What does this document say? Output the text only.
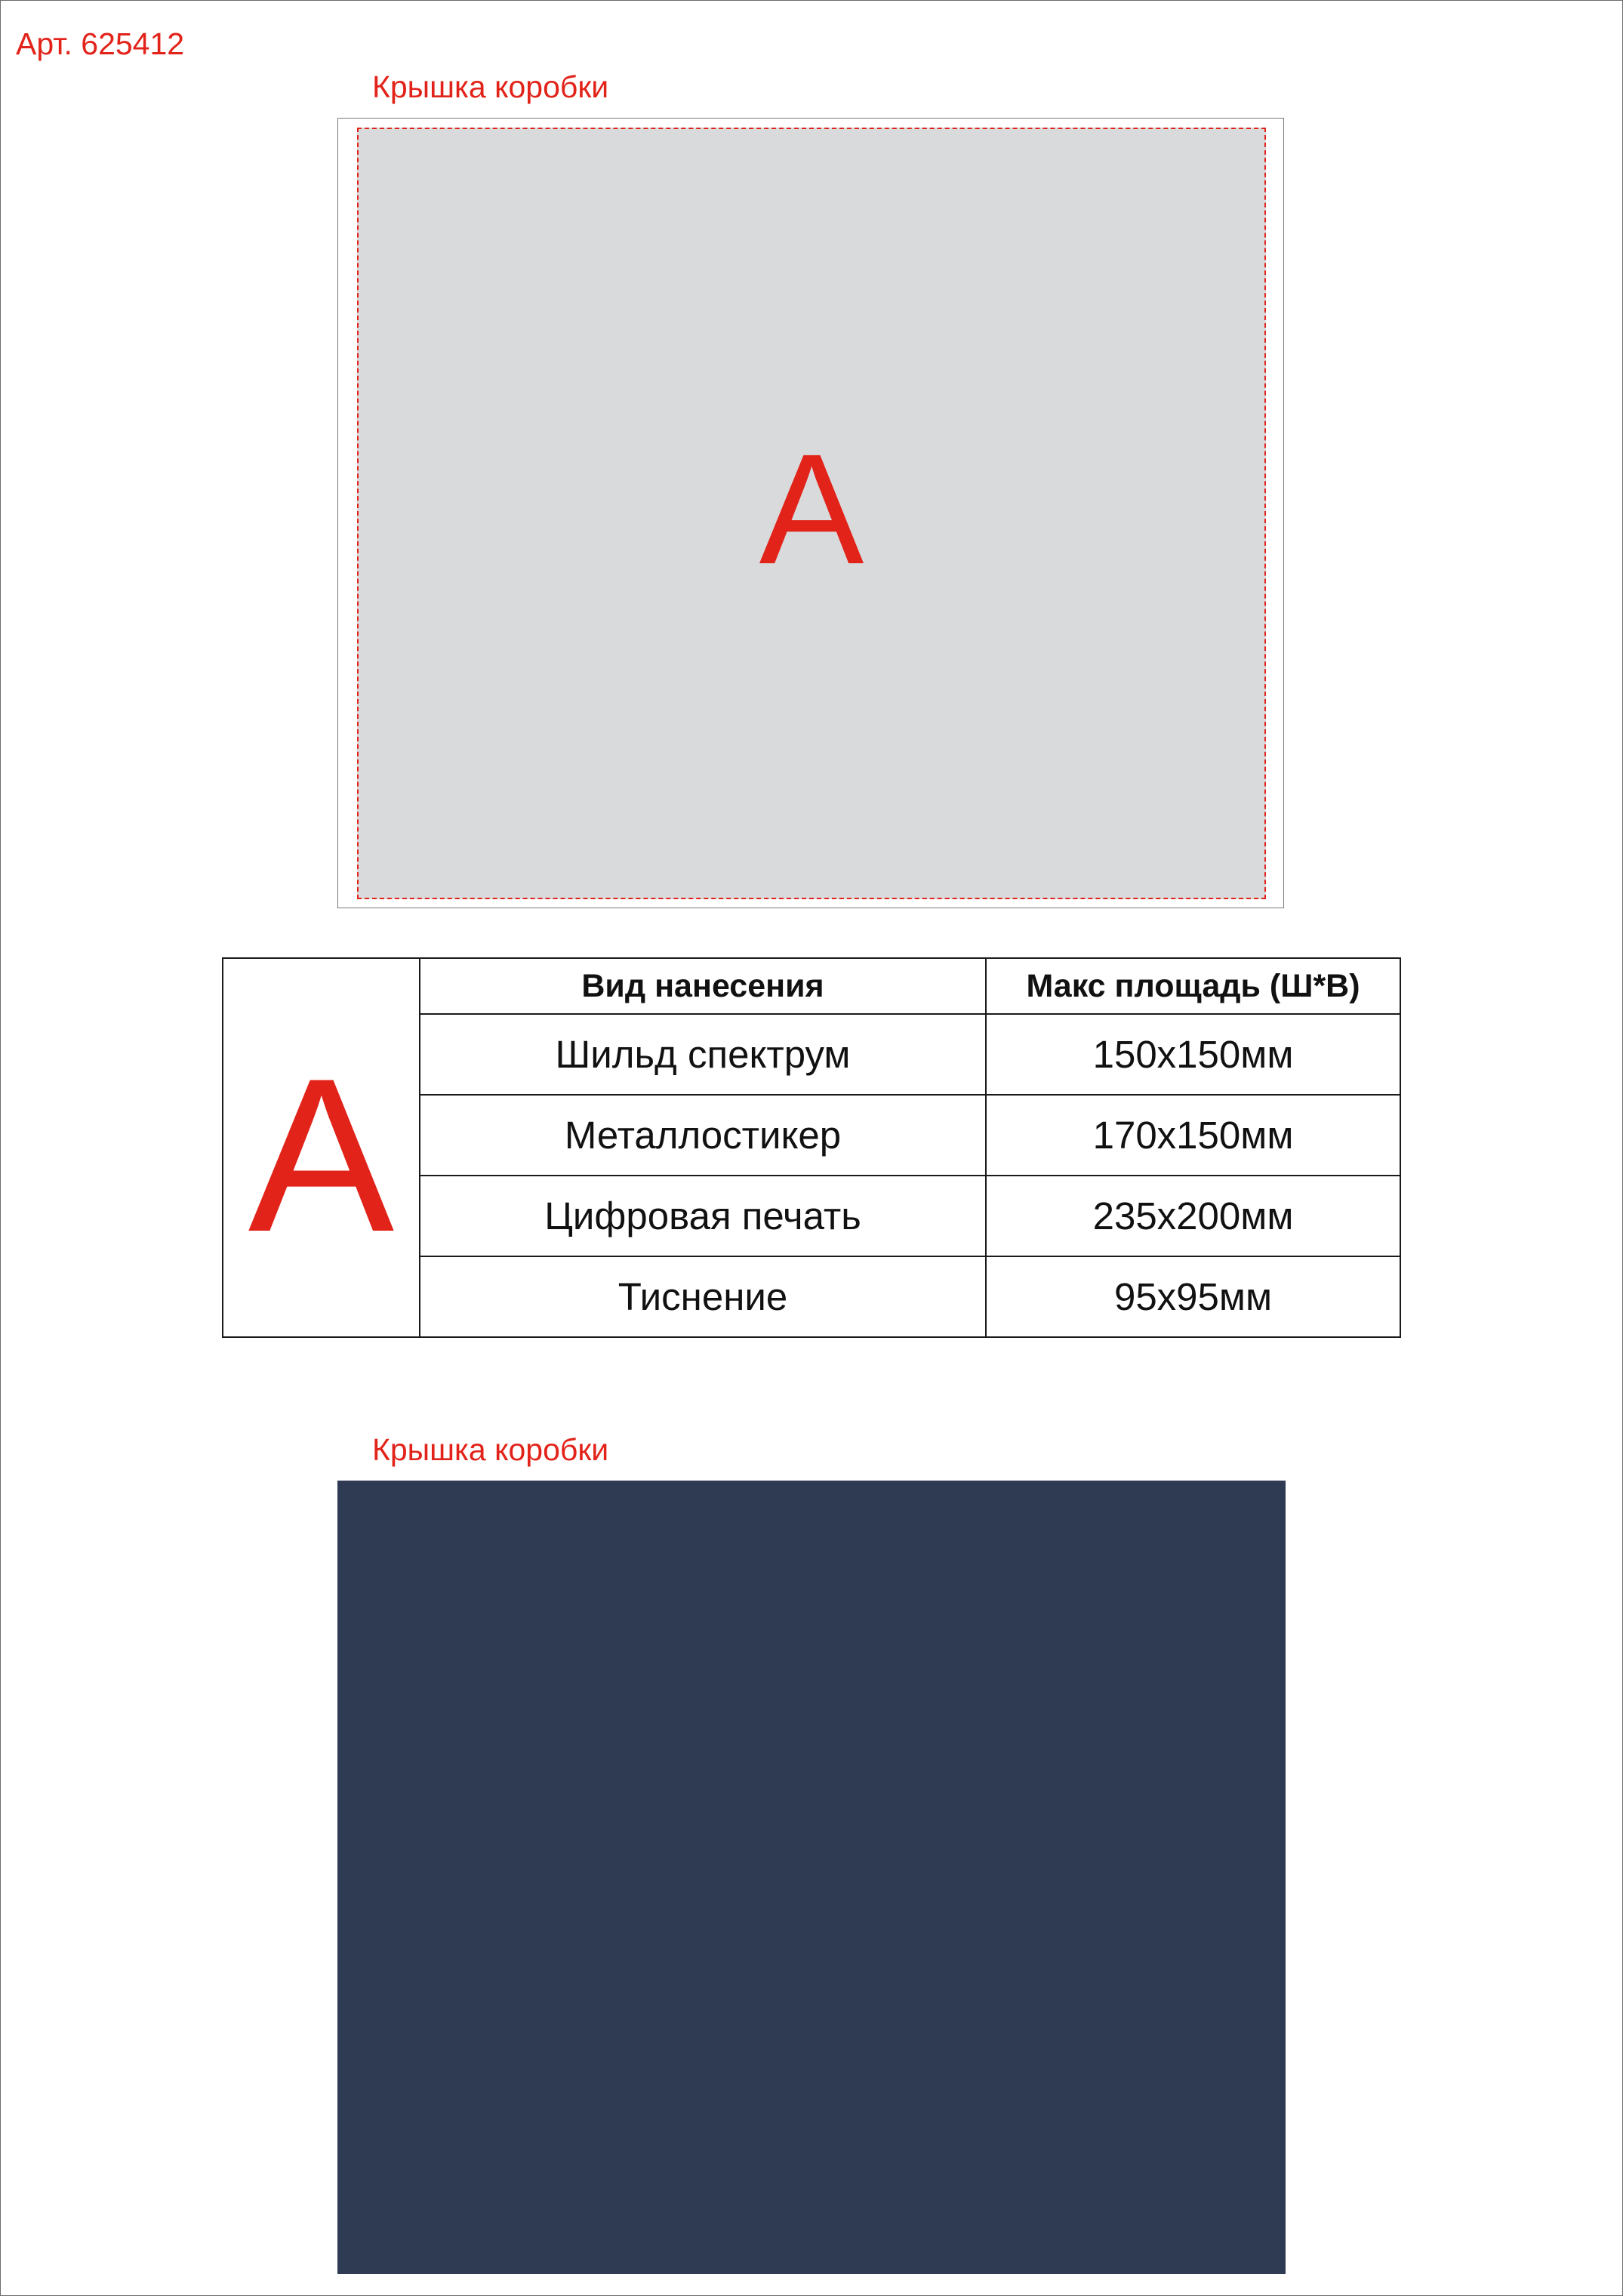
Арт. 625412
Крышка коробки
А
А	Вид нанесения	Макс площадь (Ш*В)
	Шильд спектрум	150х150мм
	Металлостикер	170х150мм
	Цифровая печать	235х200мм
	Тиснение	95х95мм
Крышка коробки
